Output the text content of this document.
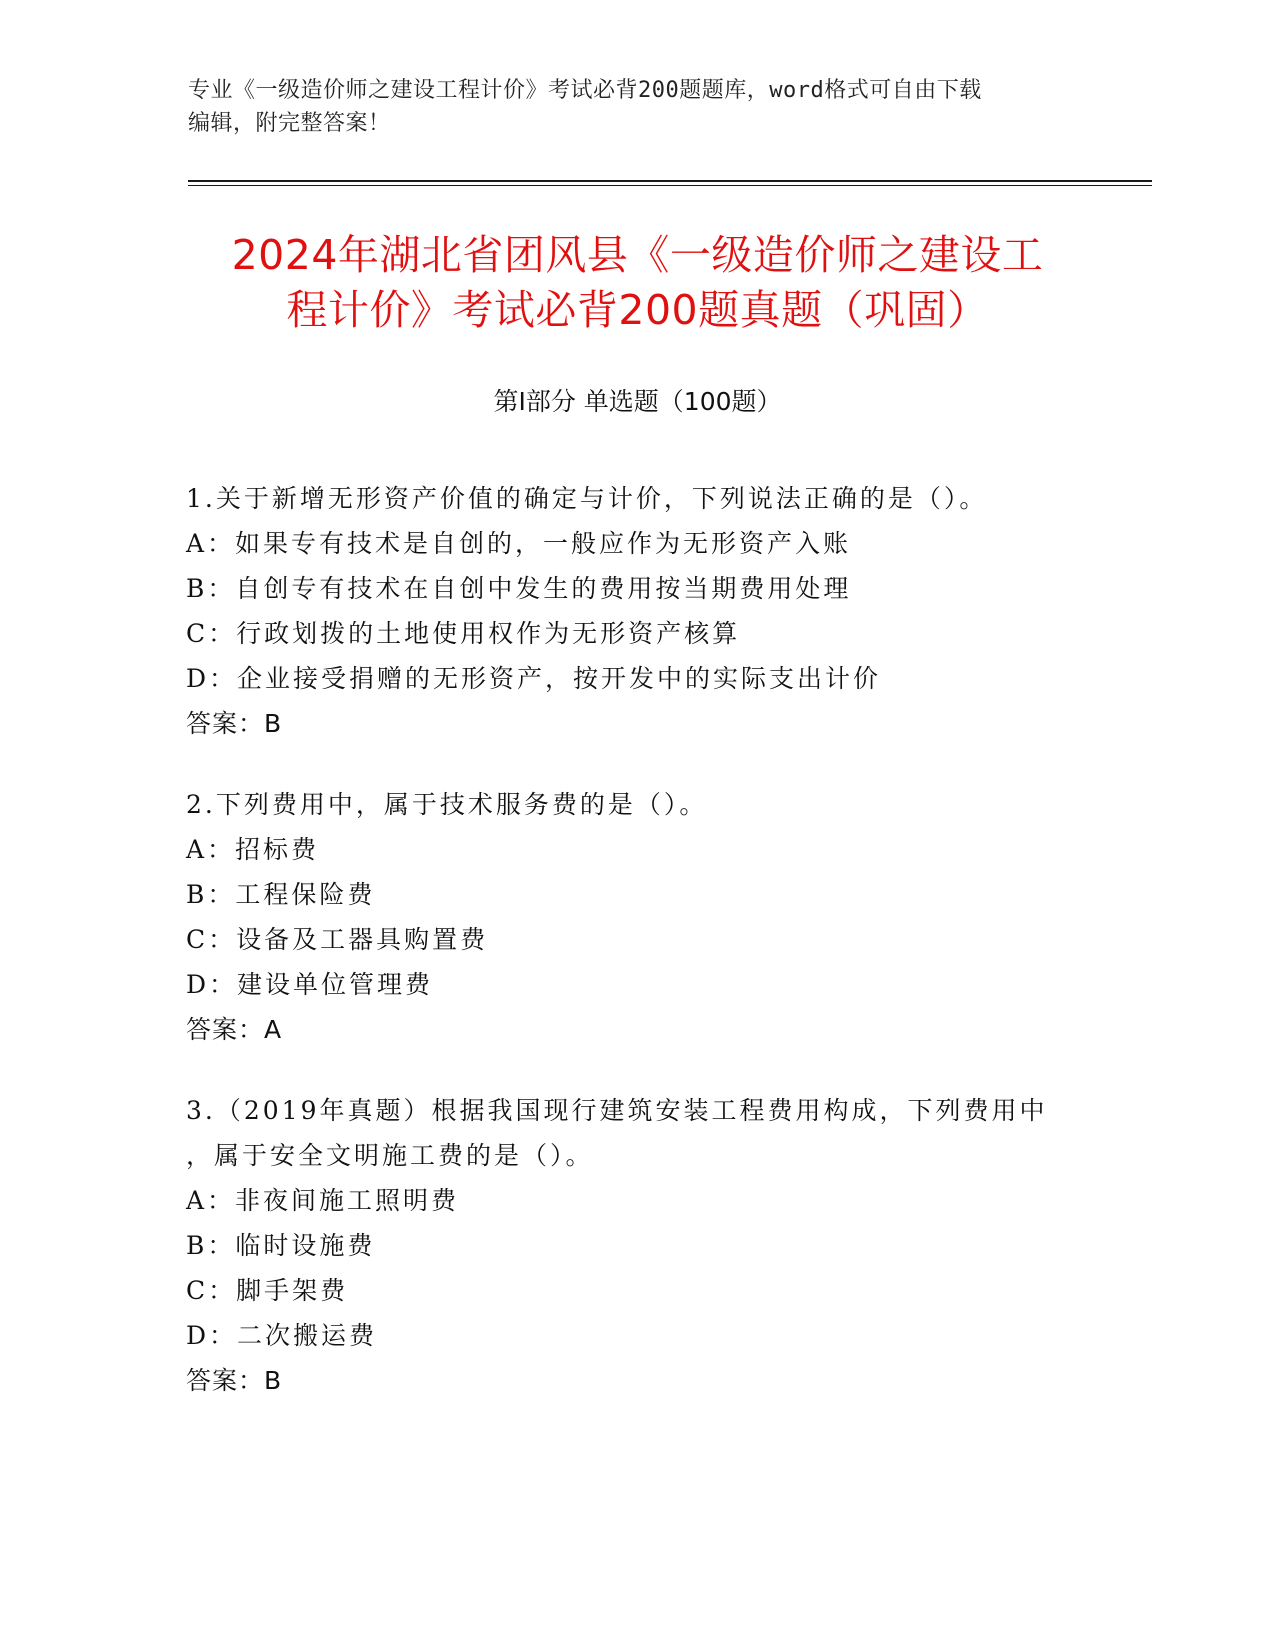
专业《一级造价师之建设工程计价》考试必背200题题库，word格式可自由下载
编辑，附完整答案！
2024年湖北省团风县《一级造价师之建设工
程计价》考试必背200题真题（巩固）
第Ⅰ部分 单选题（100题）
1.关于新增无形资产价值的确定与计价，下列说法正确的是（）。
A：如果专有技术是自创的，一般应作为无形资产入账
B：自创专有技术在自创中发生的费用按当期费用处理
C：行政划拨的土地使用权作为无形资产核算
D：企业接受捐赠的无形资产，按开发中的实际支出计价
答案：B
2.下列费用中，属于技术服务费的是（）。
A：招标费
B：工程保险费
C：设备及工器具购置费
D：建设单位管理费
答案：A
3.（2019年真题）根据我国现行建筑安装工程费用构成，下列费用中
，属于安全文明施工费的是（）。
A：非夜间施工照明费
B：临时设施费
C：脚手架费
D：二次搬运费
答案：B
